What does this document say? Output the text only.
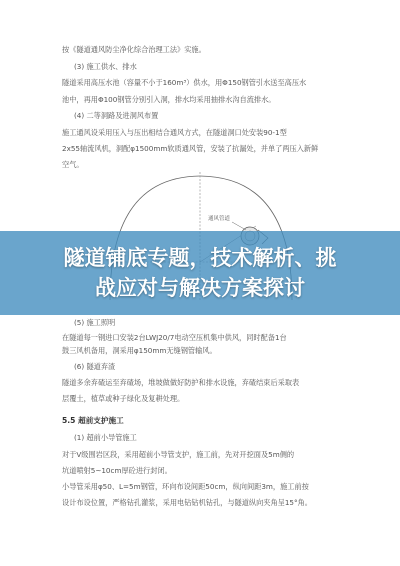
按《隧道通风防尘净化综合治理工法》实施。
(3) 施工供水、排水
隧道采用高压水池（容量不小于160m³）供水，用Φ150钢管引水送至高压水
池中，再用Φ100钢管分别引入洞，排水均采用抽排水沟自流排水。
(4) 二等洞路及进洞风布置
施工通风设采用压入与压出相结合通风方式，在隧道洞口处安装90-1型
2x55轴流风机，洞配φ1500mm软质通风管，安装了抗漏处，并单了两压入新鲜
空气。
通风管道
(5) 施工照明
在隧道每一钢进口安装2台LWJ20/7电动空压机集中供风，同时配备1台
鼓三风机备用，洞采用φ150mm无缝钢管输风。
(6) 隧道弃渣
隧道多余弃碴运至弃碴场，堆坡做做好防护和排水设施，弃碴结束后采取表
层覆土，植草或种子绿化及复耕处理。
5.5 超前支护施工
(1) 超前小导管施工
对于V级围岩区段，采用超前小导管支护，施工前，先对开挖面及5m侧的
坑道喷射5~10cm厚砼进行封闭。
小导管采用φ50、L=5m钢管，环向布设间距50cm，纵向间距3m，施工前按
设计布设位置，严格钻孔灌浆，采用电钻钻机钻孔，与隧道纵向夹角呈15°角。
隧道铺底专题，技术解析、挑
战应对与解决方案探讨
